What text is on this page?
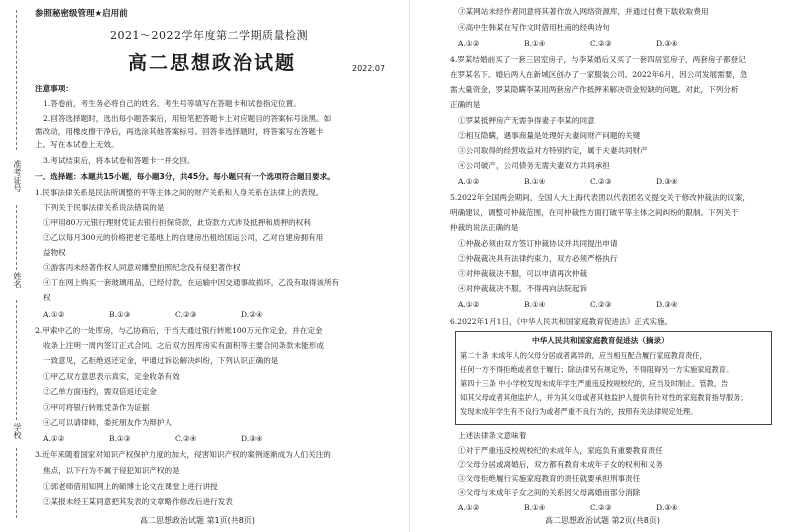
准考证号
姓名
学校
参照秘密级管理★启用前
2021～2022学年度第二学期质量检测
高二思想政治试题	2022.07
注意事项：
1.答卷前，考生务必将自己的姓名、考生号等填写在答题卡和试卷指定位置。
2.回答选择题时，选出每小题答案后，用铅笔把答题卡上对应题目的答案标号涂黑。如
需改动，用橡皮擦干净后，再选涂其他答案标号。回答非选择题时，将答案写在答题卡
上。写在本试卷上无效。
3.考试结束后，将本试卷和答题卡一并交回。
一、选择题：本题共15小题，每小题3分，共45分。每小题只有一个选项符合题目要求。
1.民事法律关系是民法所调整的平等主体之间的财产关系和人身关系在法律上的表现。
下列关于民事法律关系说法错误的是
①甲用80万元银行理财凭证去银行担保贷款，此贷款方式涉及抵押和质押的权利
②乙以每月300元的价格把老宅基地上的自建房出租给国运公司，乙对自建房拥有用
益物权
③游客丙未经著作权人同意对雕塑拍照纪念没有侵犯著作权
④丁在网上购买一套玻璃用品，已经付款，在运输中因交通事故损坏，乙没有取得该所有
权
A.①②	B.①③	C.②③	D.②④
2.甲索中乙的一处库房，与乙协商后，于当天通过银行转账100万元作定金，并在定金
收条上注明一周内签订正式合同。之后双方因库房实有面积等主要合同条款未能形成
一致意见，乙拒绝返还定金，甲通过诉讼解决纠纷，下列认识正确的是
①甲乙双方意思表示真实，定金收条有效
②乙单方面违约，需双倍返还定金
③甲可将银行转账凭条作为证据
④乙可以请律师，委托朋友作为辩护人
A.①②	B.①③	C.②④	D.③④
3.近年来随着国家对知识产权保护力度的加大，侵害知识产权的案例逐渐成为人们关注的
焦点，以下行为不属于侵犯知识产权的是
①郭老师借用知网上的硕博士论文在课堂上进行讲授
②某报未经王某同意把其发表的文章略作修改后进行发表
高二思想政治试题 第1页(共8页)
③某网站未经作者同意将其著作放入网络资源库，并通过付费下载收取费用
④高中生韩某在写作文时借用杜甫的经典诗句
A.①②	B.①④	C.②③	D.③④
4.罗某结婚前买了一套三居室房子，与李某婚后又买了一套四居室房子，两套房子都登记
在罗某名下。婚后两人在新城区创办了一家服装公司。2022年6月，因公司发展需要，急
需大量资金，罗某隐瞒李某用两套房产作抵押来解决资金短缺的问题。对此，下列分析
正确的是
①罗某抵押房产无需争得妻子李某的同意
②相互隐瞒，遇事商量是处理好夫妻间财产问题的关键
③公司取得的经营收益对方特别约定，属于夫妻共同财产
④公司破产，公司债务无需夫妻双方共同承担
A.①②	B.①④	C.②③	D.③④
5.2022年全国两会期间，全国人大上海代表团以代表团名义提交关于修改仲裁法的议案，
明确建议，调整可仲裁范围，在可仲裁性方面打破平等主体之间纠纷的限制。下列关于
仲裁的说法正确的是
①仲裁必须由双方签订仲裁协议并共同提出申请
②仲裁裁决具有法律约束力，双方必须严格执行
③对仲裁裁决不服，可以申请再次仲裁
④对仲裁裁决不服，不得再向法院起诉
A.①②	B.①④	C.②③	D.③④
6.2022年1月1日，《中华人民共和国家庭教育促进法》正式实施。
中华人民共和国家庭教育促进法（摘录）
第二十条 未成年人的父母分居或者离异的，应当相互配合履行家庭教育责任，
任何一方不得拒绝或者怠于履行；除法律另有规定外，不得阻碍另一方实施家庭教育。
第四十三条 中小学校发现未成年学生严重违反校规校纪的，应当及时制止、管教，告
知其父母或者其他监护人，并为其父母或者其他监护人提供有针对性的家庭教育指导服务；
发现未成年学生有不良行为或者严重不良行为的，按照有关法律规定处理。
上述法律条文意味着
①对于严重违反校规校纪的未成年人，家庭负有重要教育责任
②父母分居或离婚后，双方都有教育未成年子女的权利和义务
③父母拒绝履行实施家庭教育的责任就要承担刑事责任
④父母与未成年子女之间的关系因父母离婚而部分消除
A.①②	B.①④	C.②③	D.③④
高二思想政治试题 第2页(共8页)
